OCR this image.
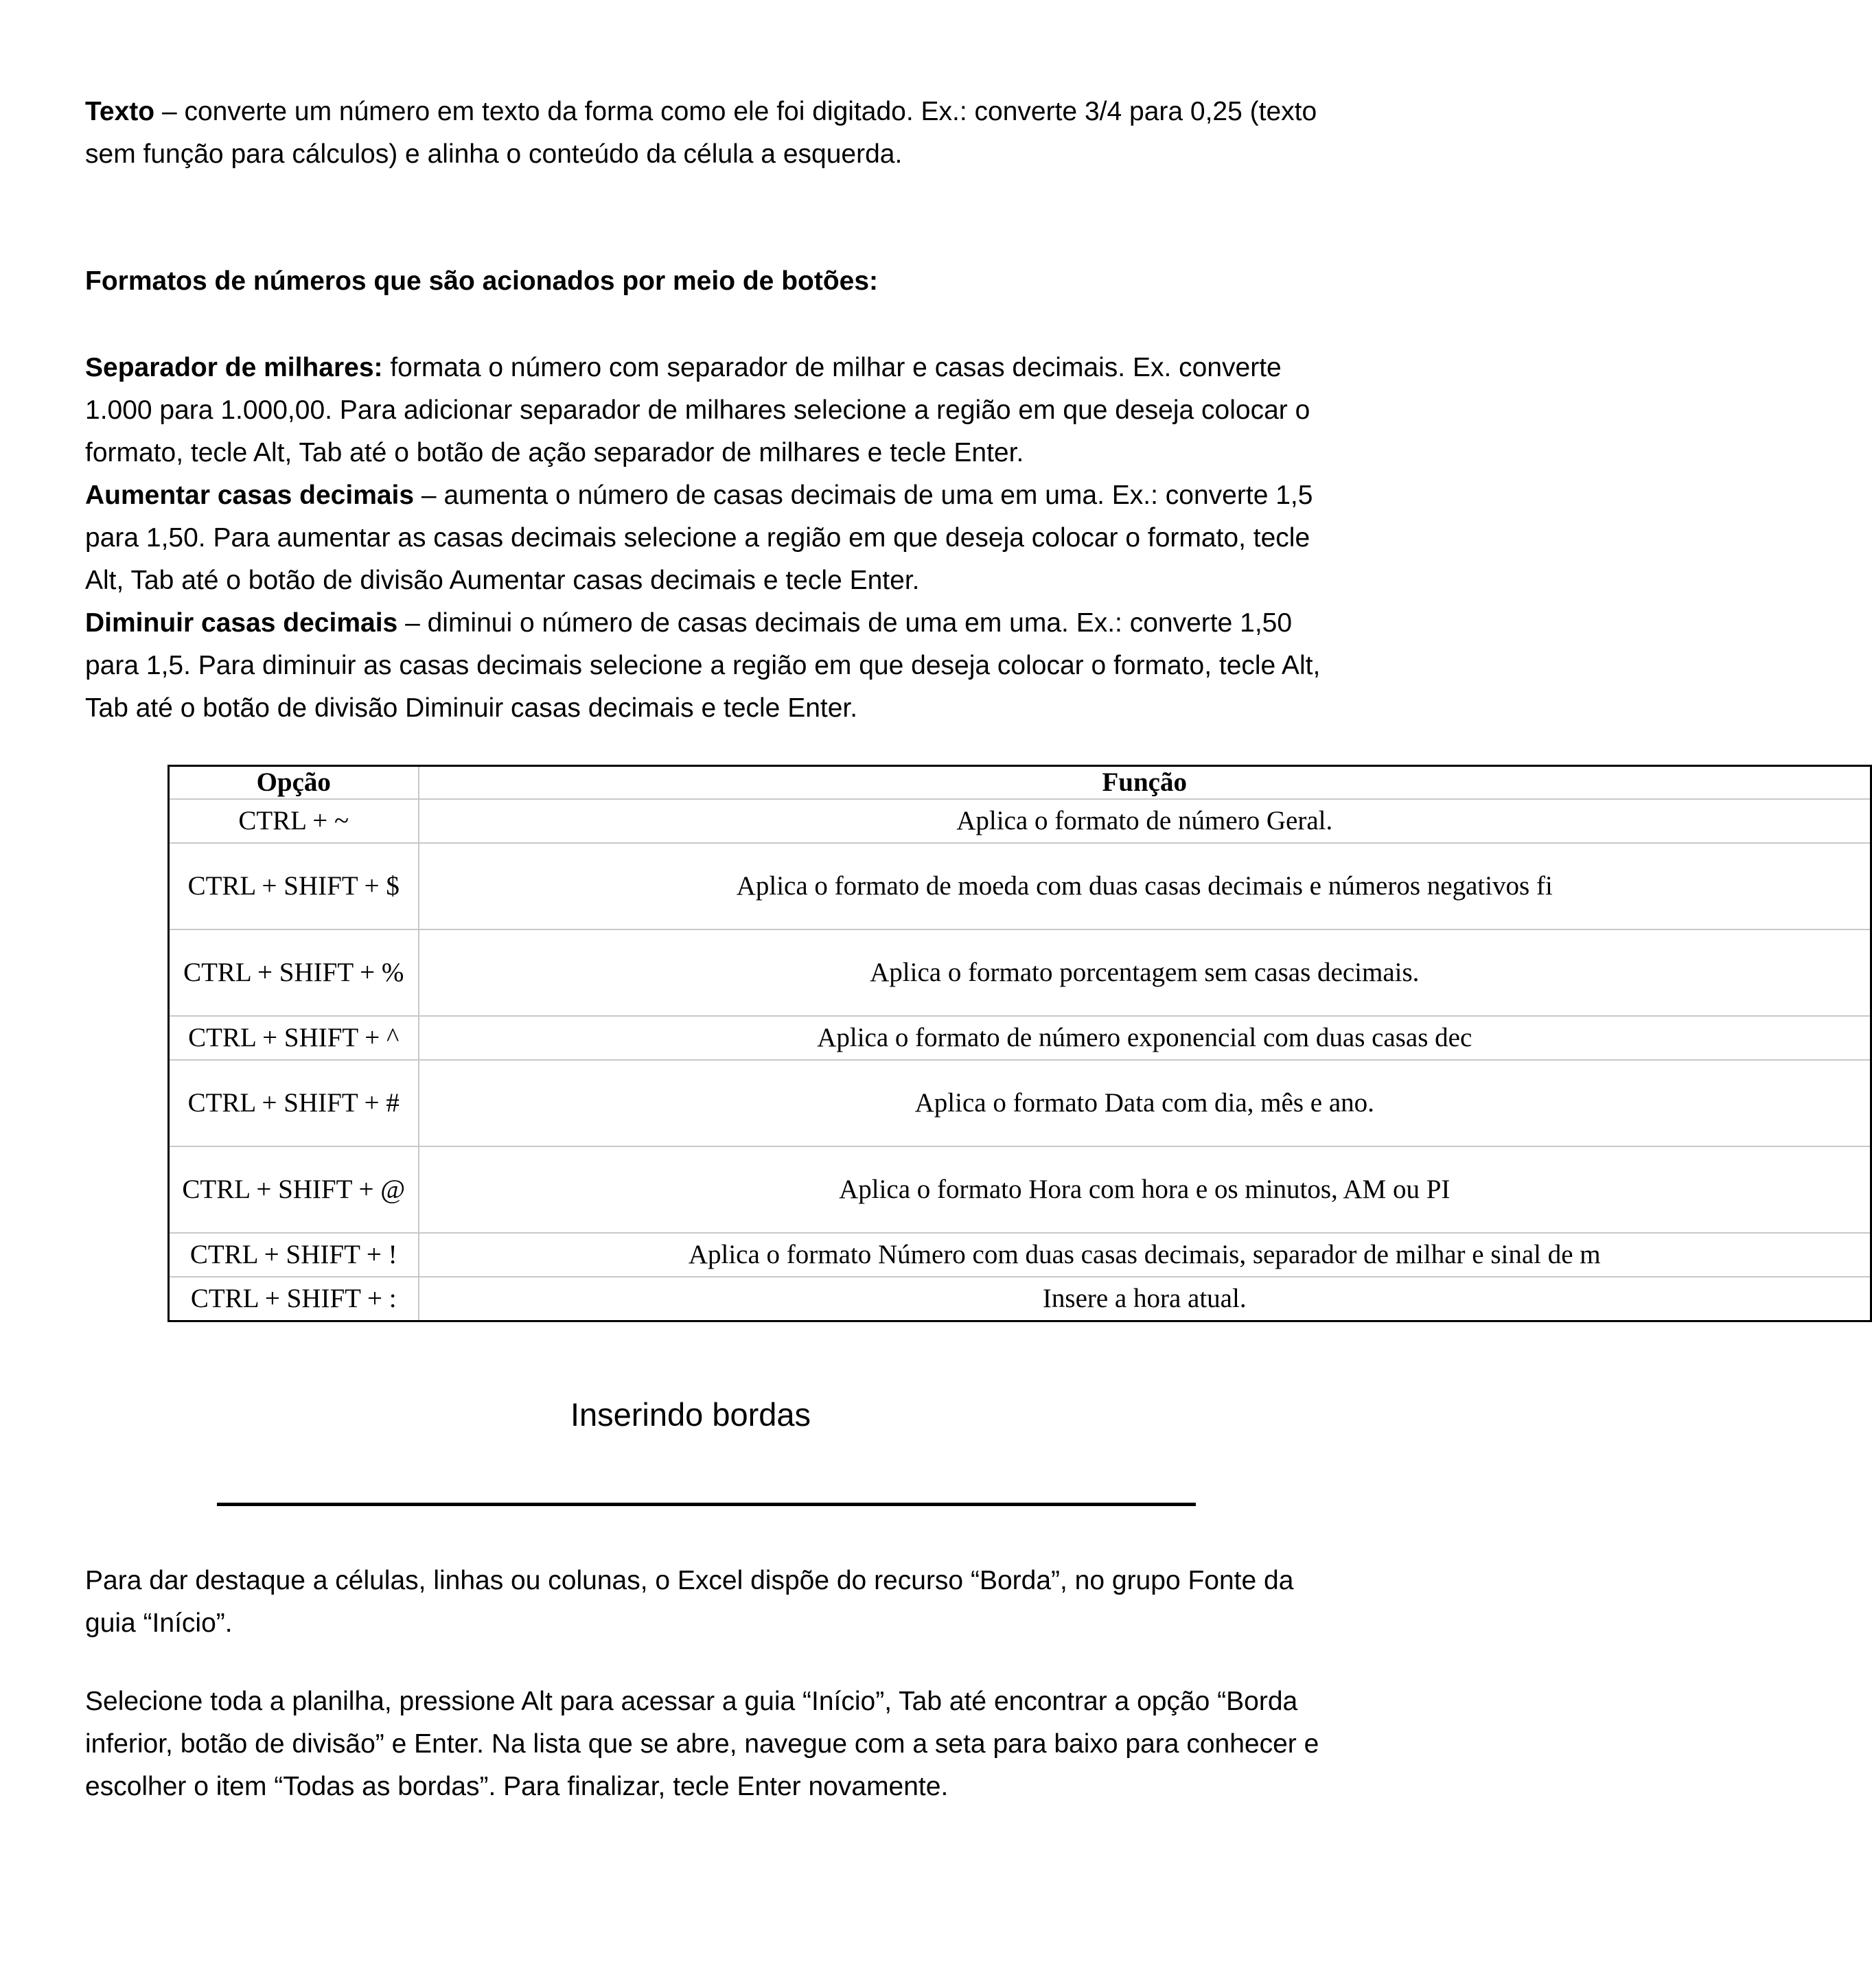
Texto – converte um número em texto da forma como ele foi digitado. Ex.: converte 3/4 para 0,25 (texto sem função para cálculos) e alinha o conteúdo da célula a esquerda.

Formatos de números que são acionados por meio de botões:

Separador de milhares: formata o número com separador de milhar e casas decimais. Ex. converte 1.000 para 1.000,00. Para adicionar separador de milhares selecione a região em que deseja colocar o formato, tecle Alt, Tab até o botão de ação separador de milhares e tecle Enter.
Aumentar casas decimais – aumenta o número de casas decimais de uma em uma. Ex.: converte 1,5 para 1,50. Para aumentar as casas decimais selecione a região em que deseja colocar o formato, tecle Alt, Tab até o botão de divisão Aumentar casas decimais e tecle Enter.
Diminuir casas decimais – diminui o número de casas decimais de uma em uma. Ex.: converte 1,50 para 1,5. Para diminuir as casas decimais selecione a região em que deseja colocar o formato, tecle Alt, Tab até o botão de divisão Diminuir casas decimais e tecle Enter.

Opção	Função
CTRL + ~	Aplica o formato de número Geral.
CTRL + SHIFT + $	Aplica o formato de moeda com duas casas decimais e números negativos fi
CTRL + SHIFT + %	Aplica o formato porcentagem sem casas decimais.
CTRL + SHIFT + ^	Aplica o formato de número exponencial com duas casas dec
CTRL + SHIFT + #	Aplica o formato Data com dia, mês e ano.
CTRL + SHIFT + @	Aplica o formato Hora com hora e os minutos, AM ou PI
CTRL + SHIFT + !	Aplica o formato Número com duas casas decimais, separador de milhar e sinal de m
CTRL + SHIFT + :	Insere a hora atual.
Inserindo bordas

Para dar destaque a células, linhas ou colunas, o Excel dispõe do recurso “Borda”, no grupo Fonte da guia “Início”.

Selecione toda a planilha, pressione Alt para acessar a guia “Início”, Tab até encontrar a opção “Borda inferior, botão de divisão” e Enter. Na lista que se abre, navegue com a seta para baixo para conhecer e escolher o item “Todas as bordas”. Para finalizar, tecle Enter novamente.
